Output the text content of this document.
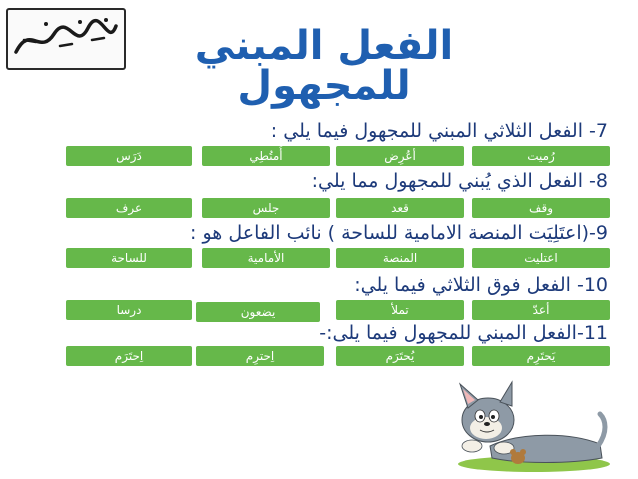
الفعل المبني للمجهول
7- الفعل الثلاثي المبني للمجهول فيما يلي :
رُميت
أعُرِض
أُمتُطِي
دَرَس
8- الفعل الذي يُبني للمجهول مما يلي:
وقف
قعد
جلس
عرف
9-(اعتَلِيَت المنصة الامامية للساحة ) نائب الفاعل هو :
اعتليت
المنصة
الأمامية
للساحة
10- الفعل فوق الثلاثي فيما يلي:
أعدّ
تملأ
يضعون
درسا
11-الفعل المبني للمجهول فيما يلى:-
يَحتَرِم
يُحتَرَم
اِحترِم
اِحتَرَم
